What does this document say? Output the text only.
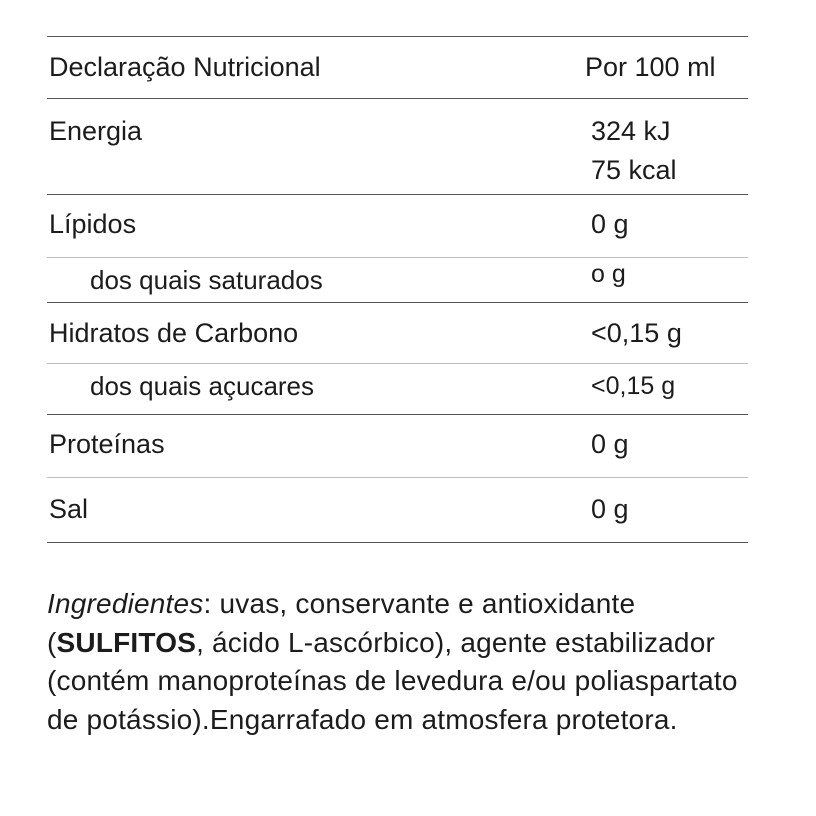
Declaração Nutricional	Por 100 ml
Energia	324 kJ
75 kcal
Lípidos	0 g
dos quais saturados	o g
Hidratos de Carbono	<0,15 g
dos quais açucares	<0,15 g
Proteínas	0 g
Sal	0 g
Ingredientes: uvas, conservante e antioxidante (SULFITOS, ácido L-ascórbico), agente estabilizador (contém manoproteínas de levedura e/ou poliaspartato de potássio).Engarrafado em atmosfera protetora.
